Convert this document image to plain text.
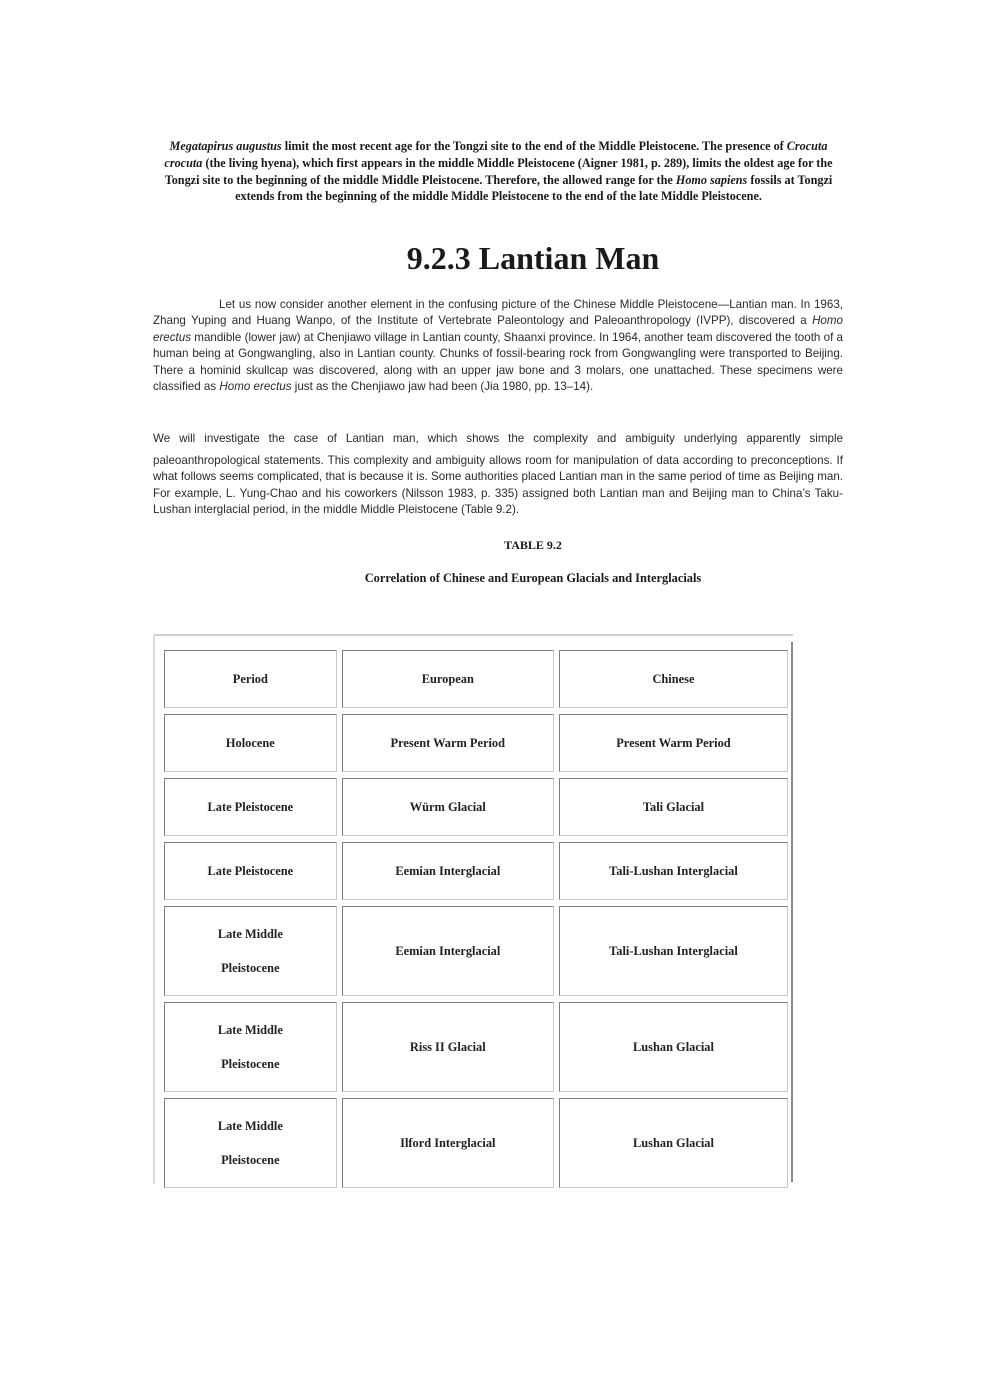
Megatapirus augustus limit the most recent age for the Tongzi site to the end of the Middle Pleistocene. The presence of Crocuta crocuta (the living hyena), which first appears in the middle Middle Pleistocene (Aigner 1981, p. 289), limits the oldest age for the Tongzi site to the beginning of the middle Middle Pleistocene. Therefore, the allowed range for the Homo sapiens fossils at Tongzi extends from the beginning of the middle Middle Pleistocene to the end of the late Middle Pleistocene.
9.2.3 Lantian Man
Let us now consider another element in the confusing picture of the Chinese Middle Pleistocene—Lantian man. In 1963, Zhang Yuping and Huang Wanpo, of the Institute of Vertebrate Paleontology and Paleoanthropology (IVPP), discovered a Homo erectus mandible (lower jaw) at Chenjiawo village in Lantian county, Shaanxi province. In 1964, another team discovered the tooth of a human being at Gongwangling, also in Lantian county. Chunks of fossil-bearing rock from Gongwangling were transported to Beijing. There a hominid skullcap was discovered, along with an upper jaw bone and 3 molars, one unattached. These specimens were classified as Homo erectus just as the Chenjiawo jaw had been (Jia 1980, pp. 13–14).
We will investigate the case of Lantian man, which shows the complexity and ambiguity underlying apparently simple
paleoanthropological statements. This complexity and ambiguity allows room for manipulation of data according to preconceptions. If what follows seems complicated, that is because it is. Some authorities placed Lantian man in the same period of time as Beijing man. For example, L. Yung-Chao and his coworkers (Nilsson 1983, p. 335) assigned both Lantian man and Beijing man to China’s Taku-Lushan interglacial period, in the middle Middle Pleistocene (Table 9.2).
TABLE 9.2
Correlation of Chinese and European Glacials and Interglacials
Period	European	Chinese
Holocene	Present Warm Period	Present Warm Period
Late Pleistocene	Würm Glacial	Tali Glacial
Late Pleistocene	Eemian Interglacial	Tali-Lushan Interglacial
Late Middle
Pleistocene	Eemian Interglacial	Tali-Lushan Interglacial
Late Middle
Pleistocene	Riss II Glacial	Lushan Glacial
Late Middle
Pleistocene	Ilford Interglacial	Lushan Glacial
